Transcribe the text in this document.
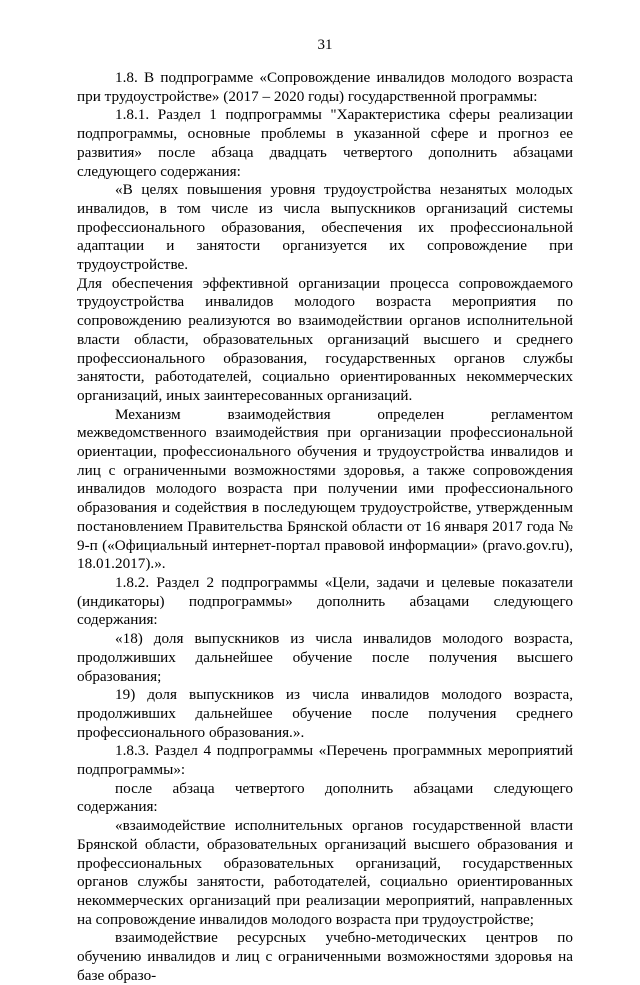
31

1.8. В подпрограмме «Сопровождение инвалидов молодого возраста при трудоустройстве» (2017 – 2020 годы) государственной программы:

1.8.1. Раздел 1 подпрограммы "Характеристика сферы реализации подпрограммы, основные проблемы в указанной сфере и прогноз ее развития» после абзаца двадцать четвертого дополнить абзацами следующего содержания:

«В целях повышения уровня трудоустройства незанятых молодых инвалидов, в том числе из числа выпускников организаций системы профессионального образования, обеспечения их профессиональной адаптации и занятости организуется их сопровождение при трудоустройстве.

Для обеспечения эффективной организации процесса сопровождаемого трудоустройства инвалидов молодого возраста мероприятия по сопровождению реализуются во взаимодействии органов исполнительной власти области, образовательных организаций высшего и среднего профессионального образования, государственных органов службы занятости, работодателей, социально ориентированных некоммерческих организаций, иных заинтересованных организаций.

Механизм взаимодействия определен регламентом межведомственного взаимодействия при организации профессиональной ориентации, профессионального обучения и трудоустройства инвалидов и лиц с ограниченными возможностями здоровья, а также сопровождения инвалидов молодого возраста при получении ими профессионального образования и содействия в последующем трудоустройстве, утвержденным постановлением Правительства Брянской области от 16 января 2017 года № 9-п («Официальный интернет-портал правовой информации» (pravo.gov.ru), 18.01.2017).».

1.8.2. Раздел 2 подпрограммы «Цели, задачи и целевые показатели (индикаторы) подпрограммы» дополнить абзацами следующего содержания:

«18) доля выпускников из числа инвалидов молодого возраста, продолживших дальнейшее обучение после получения высшего образования;

19) доля выпускников из числа инвалидов молодого возраста, продолживших дальнейшее обучение после получения среднего профессионального образования.».

1.8.3. Раздел 4 подпрограммы «Перечень программных мероприятий подпрограммы»:

после абзаца четвертого дополнить абзацами следующего содержания:

«взаимодействие исполнительных органов государственной власти Брянской области, образовательных организаций высшего образования и профессиональных образовательных организаций, государственных органов службы занятости, работодателей, социально ориентированных некоммерческих организаций при реализации мероприятий, направленных на сопровождение инвалидов молодого возраста при трудоустройстве;

взаимодействие ресурсных учебно-методических центров по обучению инвалидов и лиц с ограниченными возможностями здоровья на базе образо-
